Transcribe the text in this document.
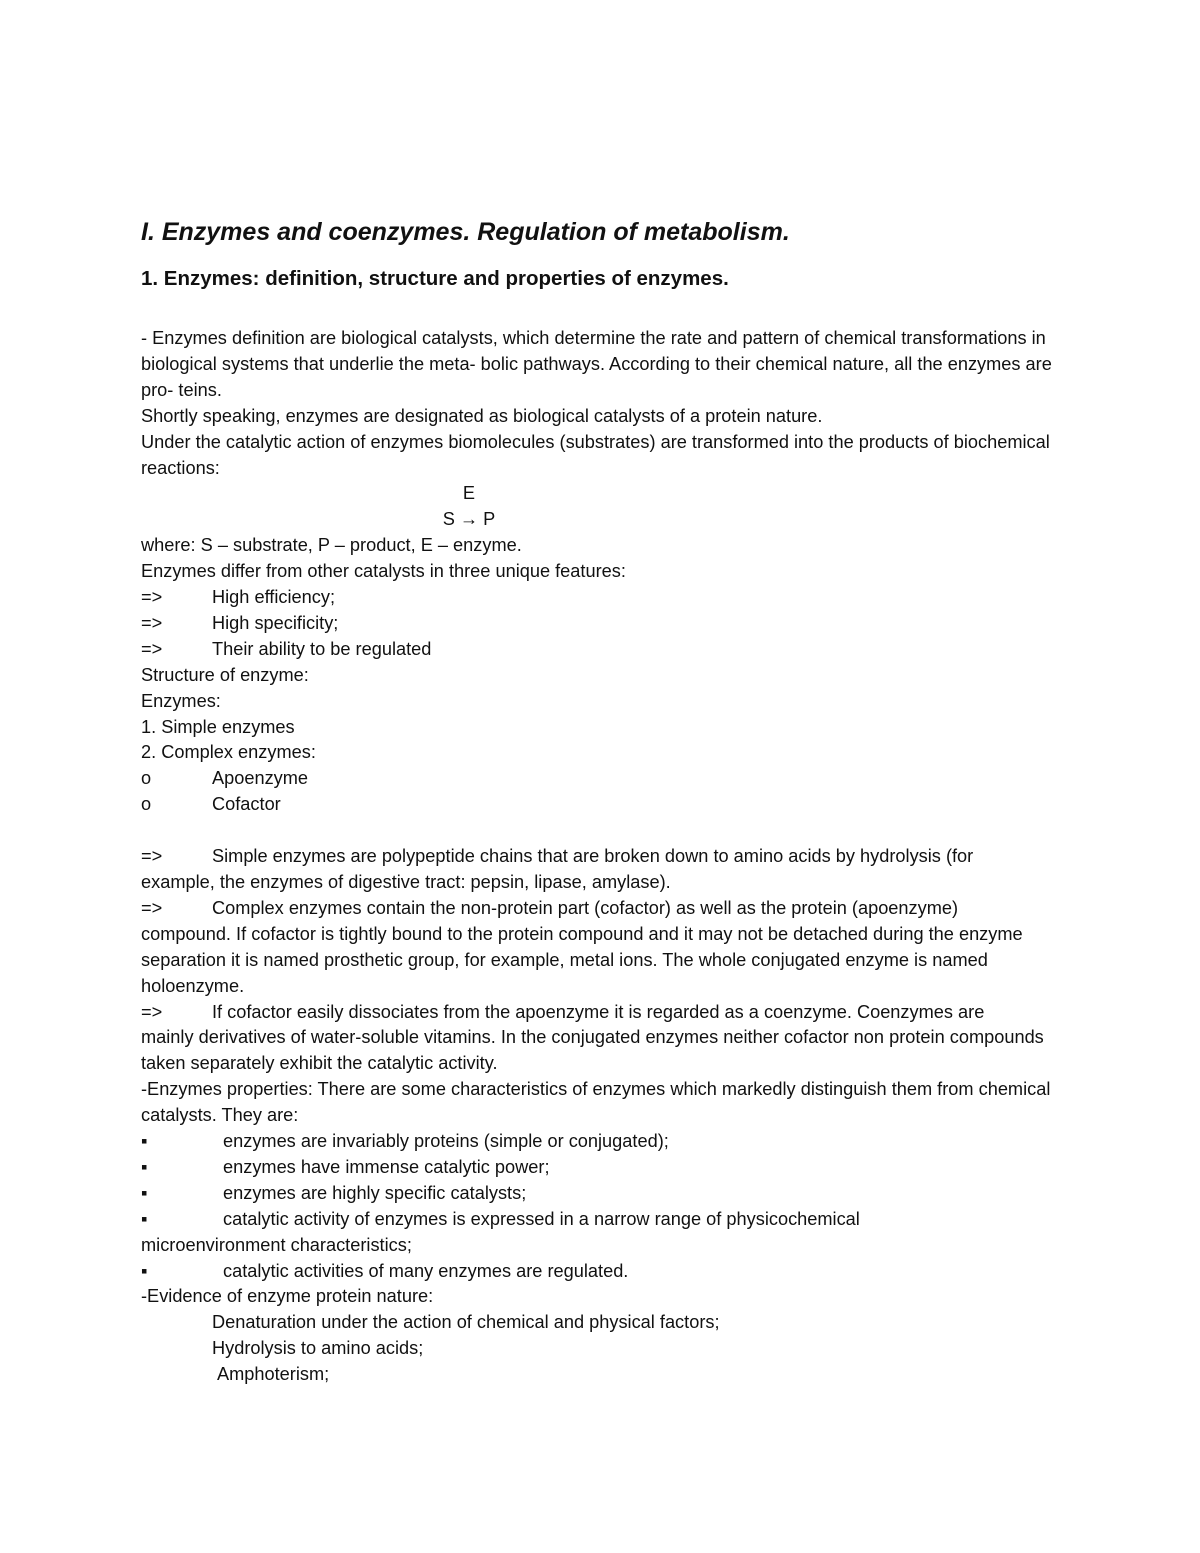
I. Enzymes and coenzymes. Regulation of metabolism.
1. Enzymes: definition, structure and properties of enzymes.

- Enzymes definition are biological catalysts, which determine the rate and pattern of chemical transformations in biological systems that underlie the meta- bolic pathways. According to their chemical nature, all the enzymes are pro- teins.

Shortly speaking, enzymes are designated as biological catalysts of a protein nature.

Under the catalytic action of enzymes biomolecules (substrates) are transformed into the products of biochemical reactions:

E
S → P

where: S – substrate, P – product, E – enzyme.

Enzymes differ from other catalysts in three unique features:

=>	High efficiency;
=>	High specificity;
=>	Their ability to be regulated

Structure of enzyme:

Enzymes:

1. Simple enzymes

2. Complex enzymes:

o	Apoenzyme
o	Cofactor
=>	Simple enzymes are polypeptide chains that are broken down to amino acids by hydrolysis (for

example, the enzymes of digestive tract: pepsin, lipase, amylase).

=>	Complex enzymes contain the non-protein part (cofactor) as well as the protein (apoenzyme)

compound. If cofactor is tightly bound to the protein compound and it may not be detached during the enzyme separation it is named prosthetic group, for example, metal ions. The whole conjugated enzyme is named holoenzyme.

=>	If cofactor easily dissociates from the apoenzyme it is regarded as a coenzyme. Coenzymes are

mainly derivatives of water-soluble vitamins. In the conjugated enzymes neither cofactor non protein compounds taken separately exhibit the catalytic activity.

-Enzymes properties: There are some characteristics of enzymes which markedly distinguish them from chemical catalysts. They are:

▪	enzymes are invariably proteins (simple or conjugated);
▪	enzymes have immense catalytic power;
▪	enzymes are highly specific catalysts;
▪	catalytic activity of enzymes is expressed in a narrow range of physicochemical

microenvironment characteristics;

▪	catalytic activities of many enzymes are regulated.

-Evidence of enzyme protein nature:

Denaturation under the action of chemical and physical factors;

Hydrolysis to amino acids;

Amphoterism;
